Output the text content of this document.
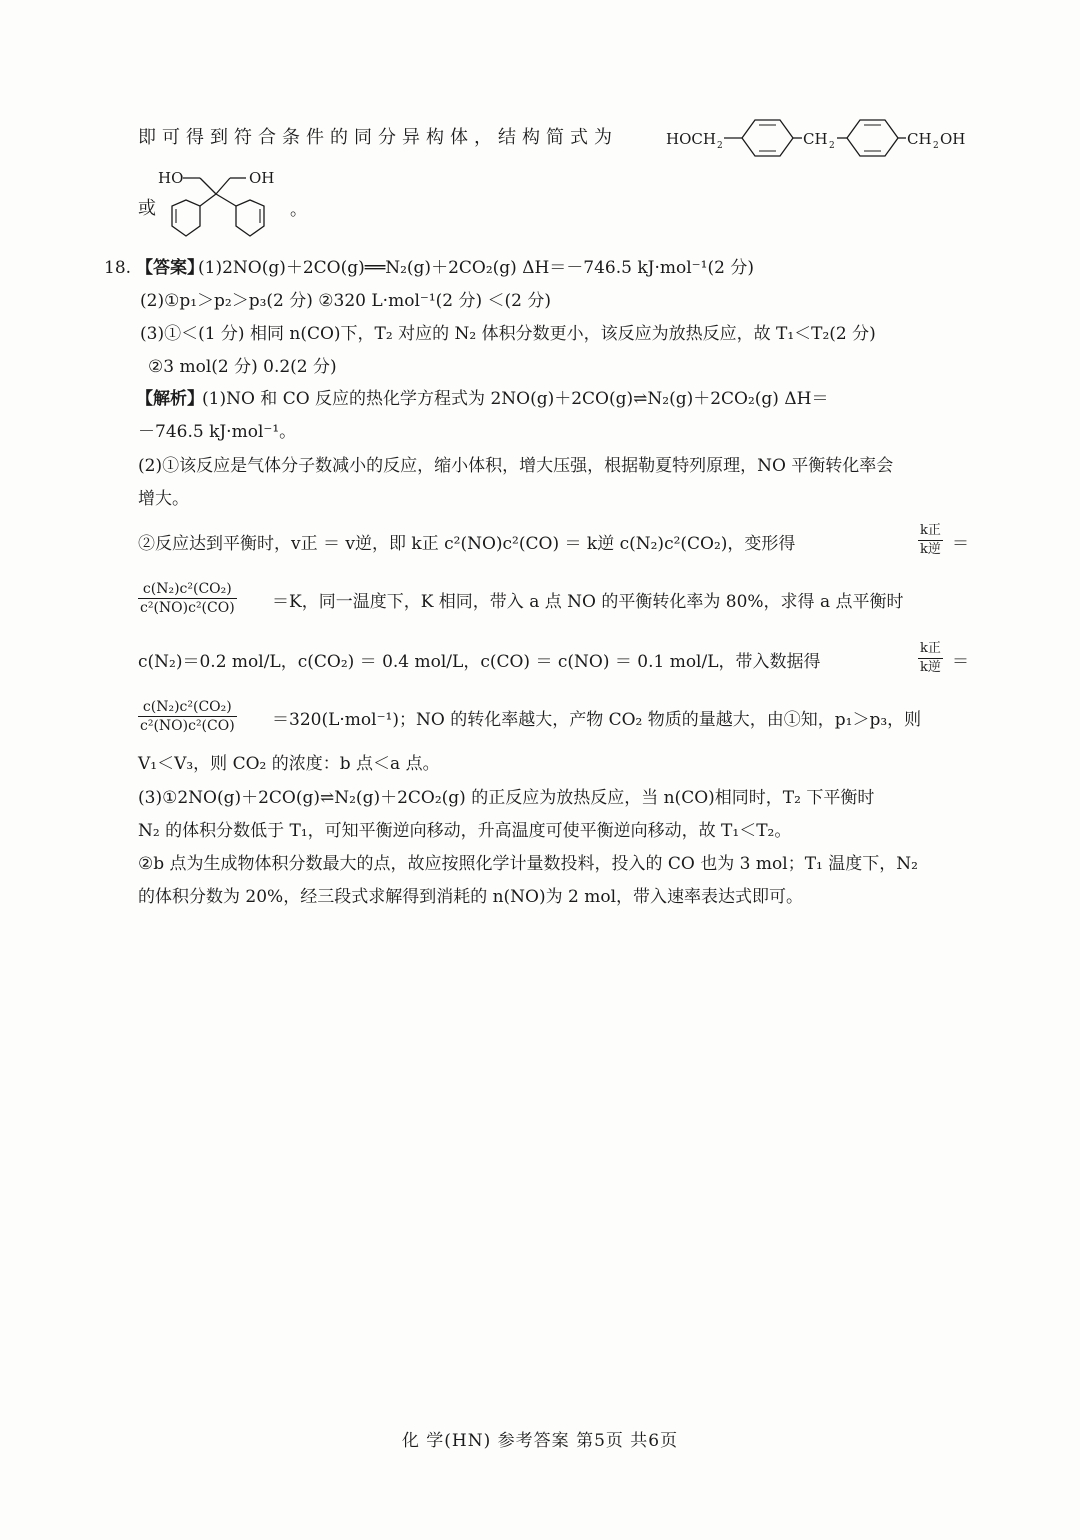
即可得到符合条件的同分异构体，结构简式为	HOCH 2	CH 2	CH 2 OH
或
HO	OH
。
18. 【答案】
(1)2NO(g)＋2CO(g)══N₂(g)＋2CO₂(g) ΔH＝－746.5 kJ·mol⁻¹(2 分)
(2)①p₁＞p₂＞p₃(2 分) ②320 L·mol⁻¹(2 分) ＜(2 分)
(3)①＜(1 分) 相同 n(CO)下，T₂ 对应的 N₂ 体积分数更小，该反应为放热反应，故 T₁＜T₂(2 分)
②3 mol(2 分) 0.2(2 分)
【解析】
(1)NO 和 CO 反应的热化学方程式为 2NO(g)＋2CO(g)⇌N₂(g)＋2CO₂(g) ΔH＝
－746.5 kJ·mol⁻¹。
(2)①该反应是气体分子数减小的反应，缩小体积，增大压强，根据勒夏特列原理，NO 平衡转化率会
增大。
②反应达到平衡时，v正 ＝ v逆，即 k正 c²(NO)c²(CO) ＝ k逆 c(N₂)c²(CO₂)，变形得
k正
k逆 ＝
$\frac{\text{c(N₂)c²(CO₂)}}{\text{c²(NO)c²(CO)}} =K$，同一温度下，K 相同，带入 a 点 NO 的平衡转化率为 80%，求得 a 点平衡时
c(N₂)＝0.2 mol/L，c(CO₂) ＝ 0.4 mol/L，c(CO) ＝ c(NO) ＝ 0.1 mol/L，带入数据得
k正
k逆 ＝
$\frac{\text{c(N₂)c²(CO₂)}}{\text{c²(NO)c²(CO)}} =320(L\cdot mol^{-1})$；NO 的转化率越大，产物 CO₂ 物质的量越大，由①知，p₁＞p₃，则
V₁＜V₃，则 CO₂ 的浓度：b 点＜a 点。
(3)①2NO(g)＋2CO(g)⇌N₂(g)＋2CO₂(g) 的正反应为放热反应，当 n(CO)相同时，T₂ 下平衡时
N₂ 的体积分数低于 T₁，可知平衡逆向移动，升高温度可使平衡逆向移动，故 T₁＜T₂。
②b 点为生成物体积分数最大的点，故应按照化学计量数投料，投入的 CO 也为 3 mol；T₁ 温度下，N₂
的体积分数为 20%，经三段式求解得到消耗的 n(NO)为 2 mol，带入速率表达式即可。
化 学(HN) 参考答案 第5页 共6页
